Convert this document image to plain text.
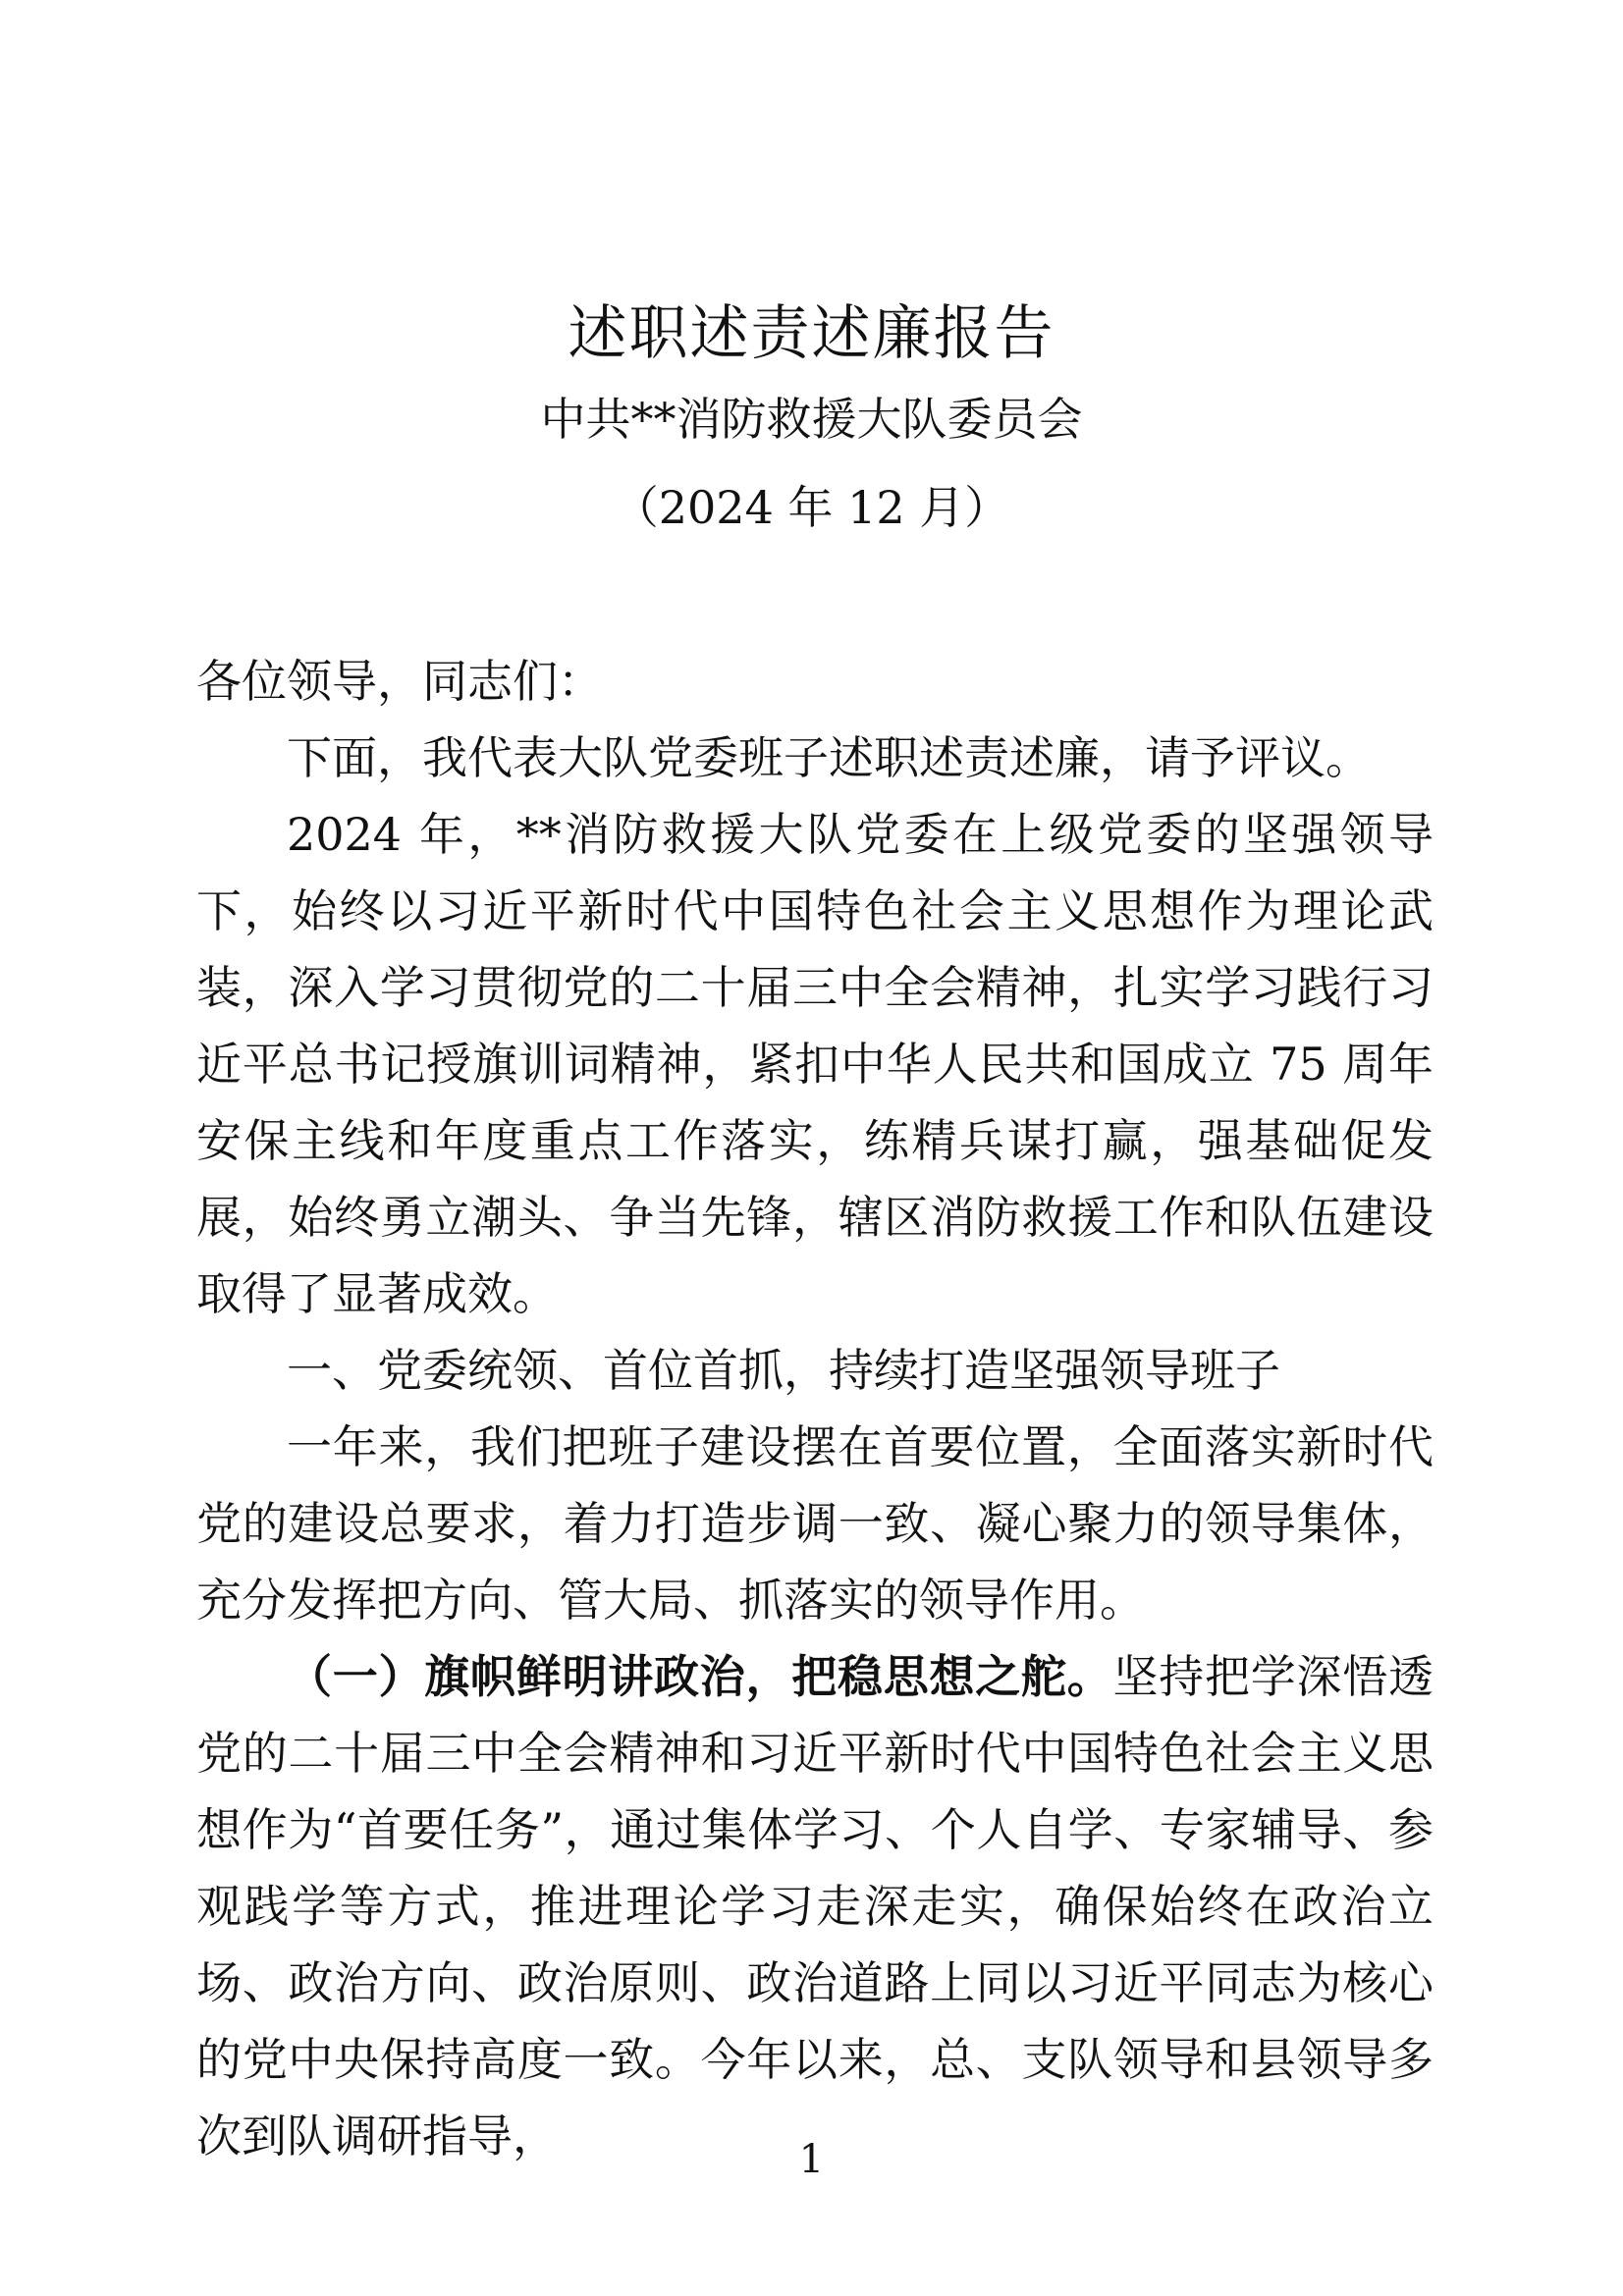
述职述责述廉报告
中共**消防救援大队委员会
（2024 年 12 月）

各位领导，同志们：

下面，我代表大队党委班子述职述责述廉，请予评议。

2024 年，**消防救援大队党委在上级党委的坚强领导下，始终以习近平新时代中国特色社会主义思想作为理论武装，深入学习贯彻党的二十届三中全会精神，扎实学习践行习近平总书记授旗训词精神，紧扣中华人民共和国成立 75 周年安保主线和年度重点工作落实，练精兵谋打赢，强基础促发展，始终勇立潮头、争当先锋，辖区消防救援工作和队伍建设取得了显著成效。

一、党委统领、首位首抓，持续打造坚强领导班子

一年来，我们把班子建设摆在首要位置，全面落实新时代党的建设总要求，着力打造步调一致、凝心聚力的领导集体，充分发挥把方向、管大局、抓落实的领导作用。

（一）旗帜鲜明讲政治，把稳思想之舵。坚持把学深悟透党的二十届三中全会精神和习近平新时代中国特色社会主义思想作为“首要任务”，通过集体学习、个人自学、专家辅导、参观践学等方式，推进理论学习走深走实，确保始终在政治立场、政治方向、政治原则、政治道路上同以习近平同志为核心的党中央保持高度一致。今年以来，总、支队领导和县领导多次到队调研指导，	1
